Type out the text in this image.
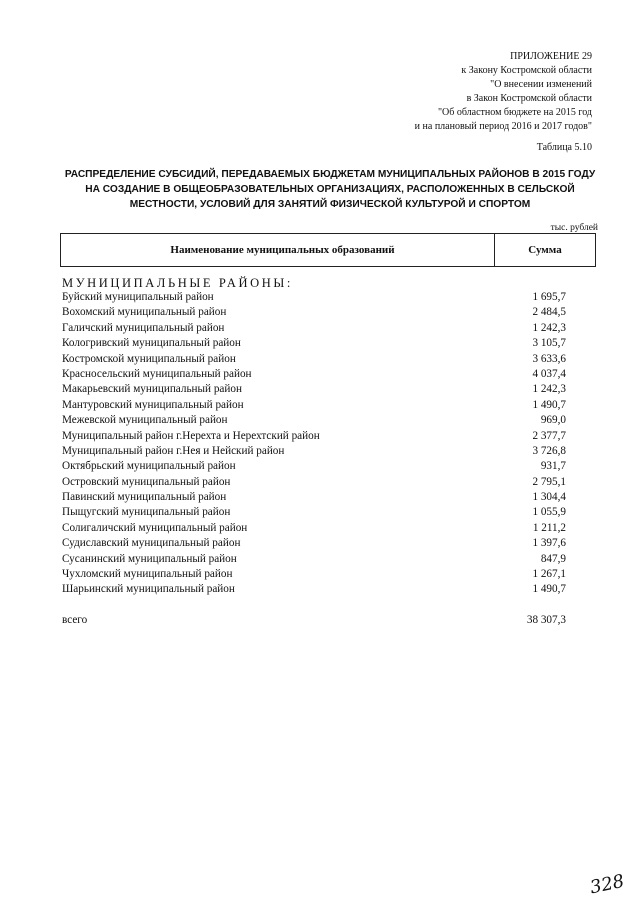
ПРИЛОЖЕНИЕ 29
к Закону Костромской области
"О внесении изменений
в Закон Костромской области
"Об областном бюджете на 2015 год
и на плановый период 2016 и 2017 годов"
Таблица 5.10
РАСПРЕДЕЛЕНИЕ СУБСИДИЙ, ПЕРЕДАВАЕМЫХ БЮДЖЕТАМ МУНИЦИПАЛЬНЫХ РАЙОНОВ В 2015 ГОДУ
НА СОЗДАНИЕ В ОБЩЕОБРАЗОВАТЕЛЬНЫХ ОРГАНИЗАЦИЯХ, РАСПОЛОЖЕННЫХ В СЕЛЬСКОЙ
МЕСТНОСТИ, УСЛОВИЙ ДЛЯ ЗАНЯТИЙ ФИЗИЧЕСКОЙ КУЛЬТУРОЙ И СПОРТОМ
тыс. рублей
Наименование муниципальных образований	Сумма
МУНИЦИПАЛЬНЫЕ РАЙОНЫ:
Буйский муниципальный район	1 695,7
Вохомский муниципальный район	2 484,5
Галичский муниципальный район	1 242,3
Кологривский муниципальный район	3 105,7
Костромской муниципальный район	3 633,6
Красносельский муниципальный район	4 037,4
Макарьевский муниципальный район	1 242,3
Мантуровский муниципальный район	1 490,7
Межевской муниципальный район	969,0
Муниципальный район г.Нерехта и Нерехтский район	2 377,7
Муниципальный район г.Нея и Нейский район	3 726,8
Октябрьский муниципальный район	931,7
Островский муниципальный район	2 795,1
Павинский муниципальный район	1 304,4
Пыщугский муниципальный район	1 055,9
Солигаличский муниципальный район	1 211,2
Судиславский муниципальный район	1 397,6
Сусанинский муниципальный район	847,9
Чухломский муниципальный район	1 267,1
Шарьинский муниципальный район	1 490,7
всего	38 307,3
328
